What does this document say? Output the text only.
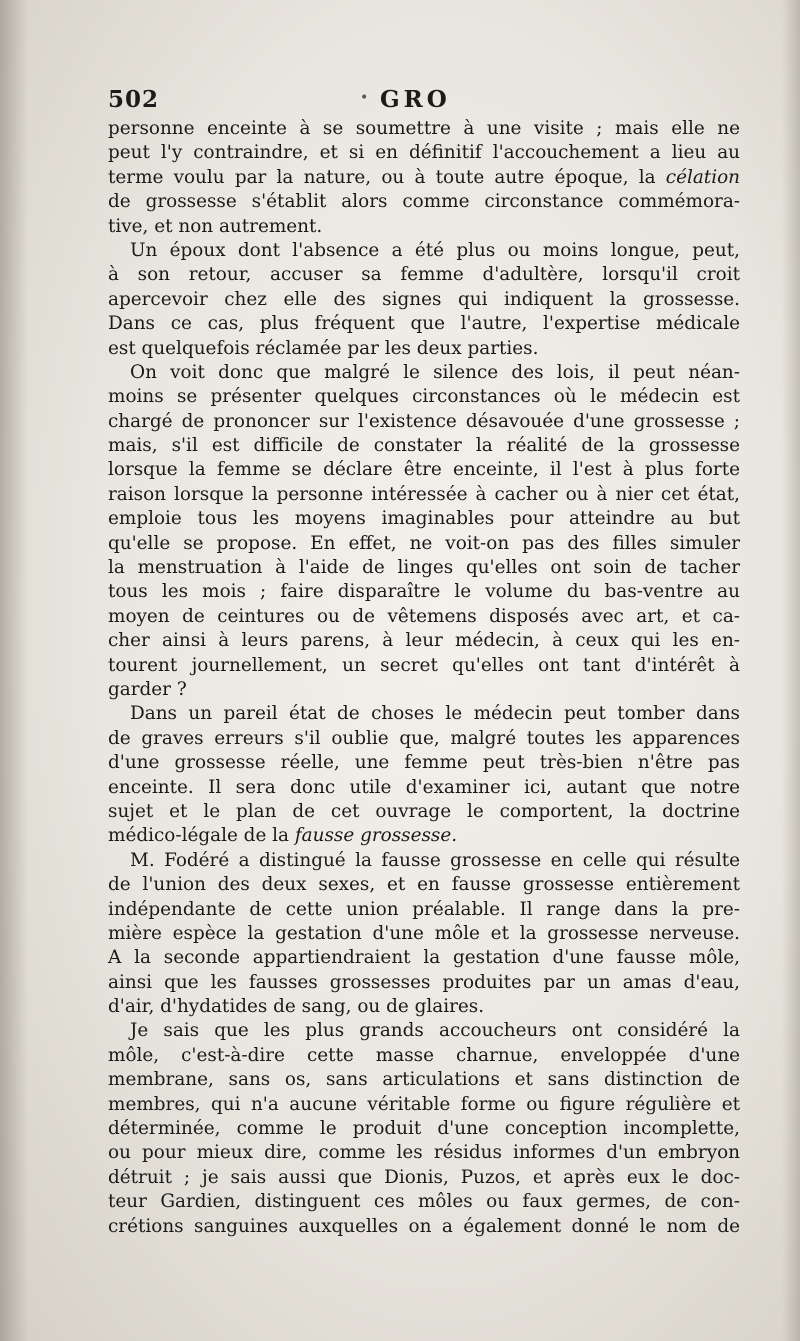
502	• GRO
personne enceinte à se soumettre à une visite ; mais elle ne
peut l'y contraindre, et si en définitif l'accouchement a lieu au
terme voulu par la nature, ou à toute autre époque, la célation
de grossesse s'établit alors comme circonstance commémora-
tive, et non autrement.
Un époux dont l'absence a été plus ou moins longue, peut,
à son retour, accuser sa femme d'adultère, lorsqu'il croit
apercevoir chez elle des signes qui indiquent la grossesse.
Dans ce cas, plus fréquent que l'autre, l'expertise médicale
est quelquefois réclamée par les deux parties.
On voit donc que malgré le silence des lois, il peut néan-
moins se présenter quelques circonstances où le médecin est
chargé de prononcer sur l'existence désavouée d'une grossesse ;
mais, s'il est difficile de constater la réalité de la grossesse
lorsque la femme se déclare être enceinte, il l'est à plus forte
raison lorsque la personne intéressée à cacher ou à nier cet état,
emploie tous les moyens imaginables pour atteindre au but
qu'elle se propose. En effet, ne voit-on pas des filles simuler
la menstruation à l'aide de linges qu'elles ont soin de tacher
tous les mois ; faire disparaître le volume du bas-ventre au
moyen de ceintures ou de vêtemens disposés avec art, et ca-
cher ainsi à leurs parens, à leur médecin, à ceux qui les en-
tourent journellement, un secret qu'elles ont tant d'intérêt à
garder ?
Dans un pareil état de choses le médecin peut tomber dans
de graves erreurs s'il oublie que, malgré toutes les apparences
d'une grossesse réelle, une femme peut très-bien n'être pas
enceinte. Il sera donc utile d'examiner ici, autant que notre
sujet et le plan de cet ouvrage le comportent, la doctrine
médico-légale de la fausse grossesse.
M. Fodéré a distingué la fausse grossesse en celle qui résulte
de l'union des deux sexes, et en fausse grossesse entièrement
indépendante de cette union préalable. Il range dans la pre-
mière espèce la gestation d'une môle et la grossesse nerveuse.
A la seconde appartiendraient la gestation d'une fausse môle,
ainsi que les fausses grossesses produites par un amas d'eau,
d'air, d'hydatides de sang, ou de glaires.
Je sais que les plus grands accoucheurs ont considéré la
môle, c'est-à-dire cette masse charnue, enveloppée d'une
membrane, sans os, sans articulations et sans distinction de
membres, qui n'a aucune véritable forme ou figure régulière et
déterminée, comme le produit d'une conception incomplette,
ou pour mieux dire, comme les résidus informes d'un embryon
détruit ; je sais aussi que Dionis, Puzos, et après eux le doc-
teur Gardien, distinguent ces môles ou faux germes, de con-
crétions sanguines auxquelles on a également donné le nom de
